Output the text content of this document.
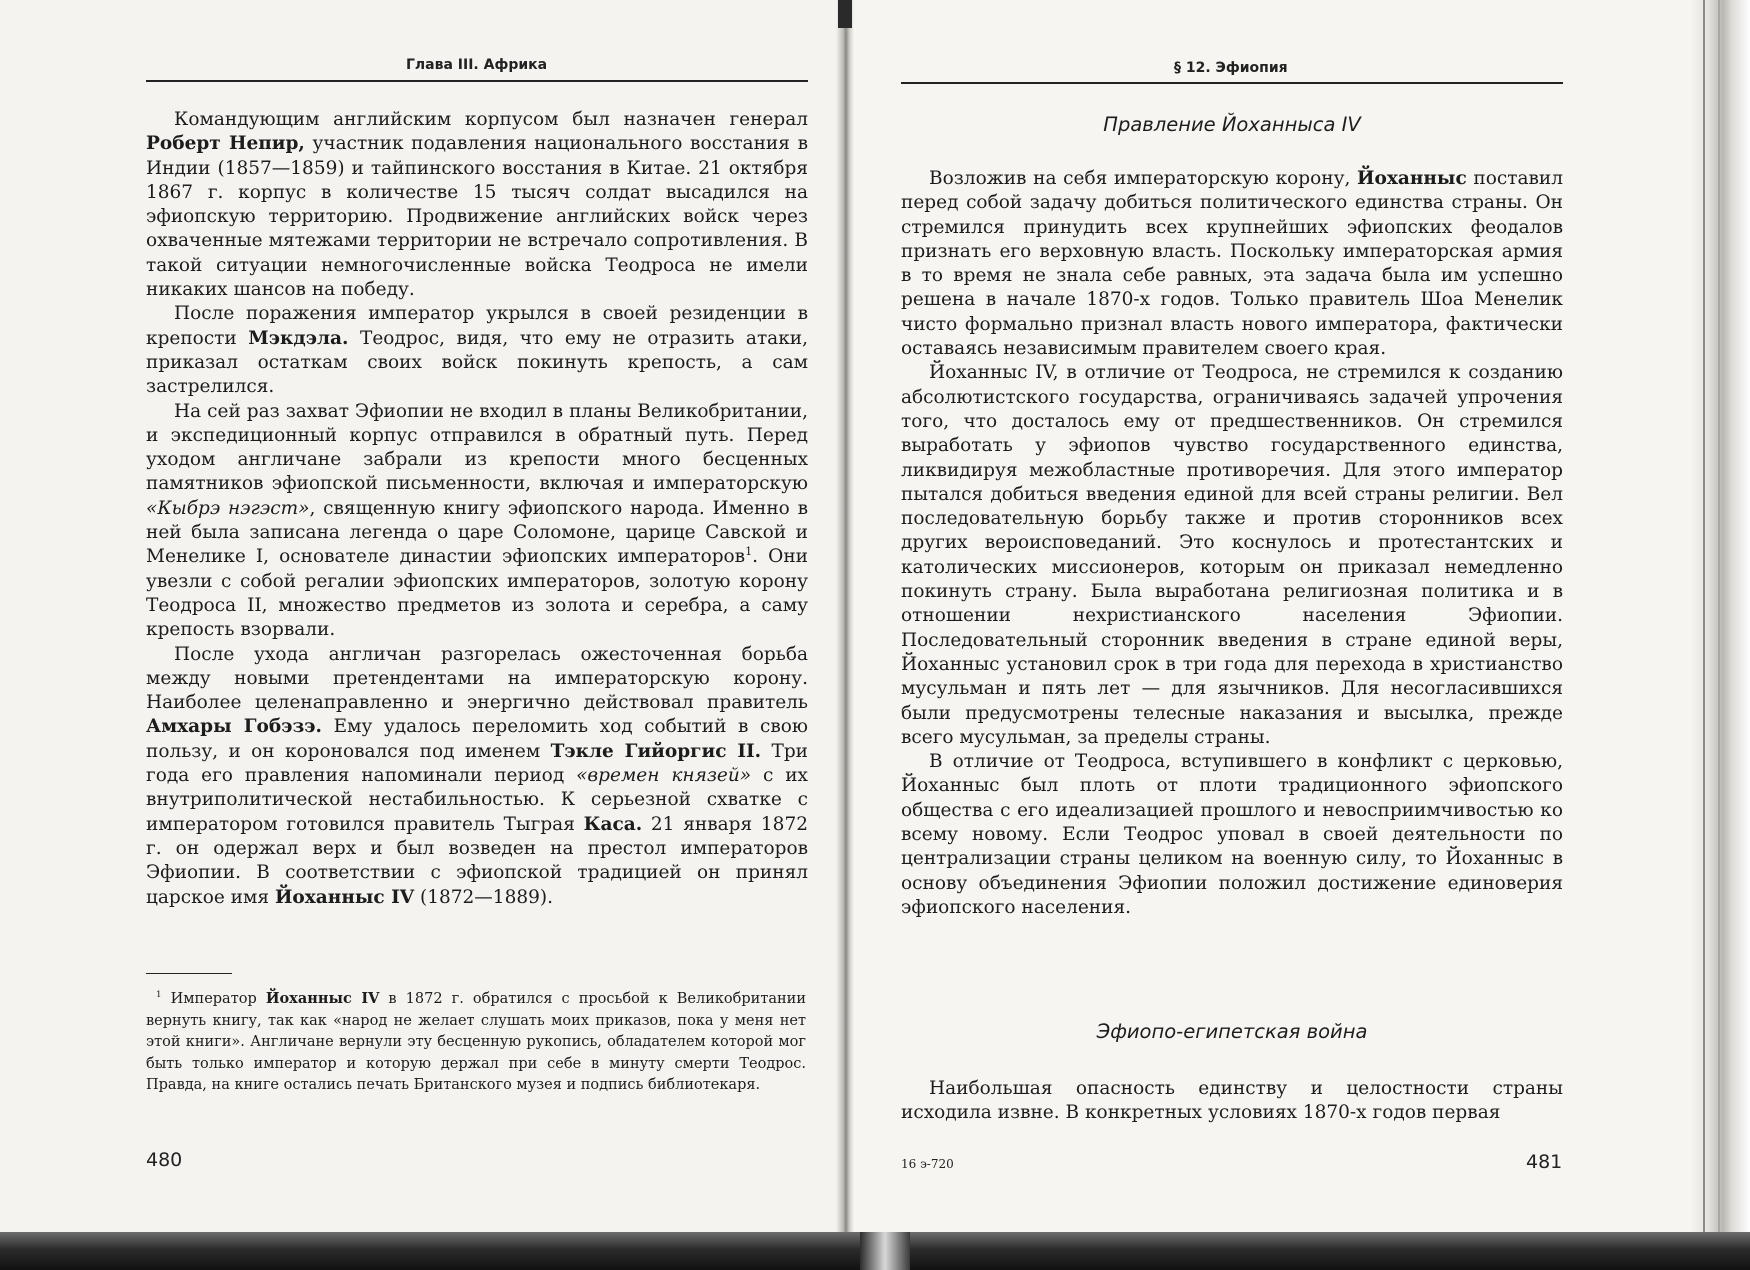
Глава III. Африка

Командующим английским корпусом был назначен генерал Роберт Непир, участник подавления национального восстания в Индии (1857—1859) и тайпинского восстания в Китае. 21 октября 1867 г. корпус в количестве 15 тысяч солдат высадился на эфиопскую территорию. Продвижение английских войск через охваченные мятежами территории не встречало сопротивления. В такой ситуации немногочисленные войска Теодроса не имели никаких шансов на победу.

После поражения император укрылся в своей резиденции в крепости Мэкдэла. Теодрос, видя, что ему не отразить атаки, приказал остаткам своих войск покинуть крепость, а сам застрелился.

На сей раз захват Эфиопии не входил в планы Великобритании, и экспедиционный корпус отправился в обратный путь. Перед уходом англичане забрали из крепости много бесценных памятников эфиопской письменности, включая и императорскую «Кыбрэ нэгэст», священную книгу эфиопского народа. Именно в ней была записана легенда о царе Соломоне, царице Савской и Менелике I, основателе династии эфиопских императоров$^1$. Они увезли с собой регалии эфиопских императоров, золотую корону Теодроса II, множество предметов из золота и серебра, а саму крепость взорвали.

После ухода англичан разгорелась ожесточенная борьба между новыми претендентами на императорскую корону. Наиболее целенаправленно и энергично действовал правитель Амхары Гобэзэ. Ему удалось переломить ход событий в свою пользу, и он короновался под именем Тэкле Гийоргис II. Три года его правления напоминали период «времен князей» с их внутриполитической нестабильностью. К серьезной схватке с императором готовился правитель Тыграя Каса. 21 января 1872 г. он одержал верх и был возведен на престол императоров Эфиопии. В соответствии с эфиопской традицией он принял царское имя Йоханныс IV (1872—1889).

$^1$ Император Йоханныс IV в 1872 г. обратился с просьбой к Великобритании вернуть книгу, так как «народ не желает слушать моих приказов, пока у меня нет этой книги». Англичане вернули эту бесценную рукопись, обладателем которой мог быть только император и которую держал при себе в минуту смерти Теодрос. Правда, на книге остались печать Британского музея и подпись библиотекаря.

480
§ 12. Эфиопия
Правление Йоханныса IV

Возложив на себя императорскую корону, Йоханныс поставил перед собой задачу добиться политического единства страны. Он стремился принудить всех крупнейших эфиопских феодалов признать его верховную власть. Поскольку императорская армия в то время не знала себе равных, эта задача была им успешно решена в начале 1870-х годов. Только правитель Шоа Менелик чисто формально признал власть нового императора, фактически оставаясь независимым правителем своего края.

Йоханныс IV, в отличие от Теодроса, не стремился к созданию абсолютистского государства, ограничиваясь задачей упрочения того, что досталось ему от предшественников. Он стремился выработать у эфиопов чувство государственного единства, ликвидируя межобластные противоречия. Для этого император пытался добиться введения единой для всей страны религии. Вел последовательную борьбу также и против сторонников всех других вероисповеданий. Это коснулось и протестантских и католических миссионеров, которым он приказал немедленно покинуть страну. Была выработана религиозная политика и в отношении нехристианского населения Эфиопии. Последовательный сторонник введения в стране единой веры, Йоханныс установил срок в три года для перехода в христианство мусульман и пять лет — для язычников. Для несогласившихся были предусмотрены телесные наказания и высылка, прежде всего мусульман, за пределы страны.

В отличие от Теодроса, вступившего в конфликт с церковью, Йоханныс был плоть от плоти традиционного эфиопского общества с его идеализацией прошлого и невосприимчивостью ко всему новому. Если Теодрос уповал в своей деятельности по централизации страны целиком на военную силу, то Йоханныс в основу объединения Эфиопии положил достижение единоверия эфиопского населения.

Эфиопо-египетская война

Наибольшая опасность единству и целостности страны исходила извне. В конкретных условиях 1870-х годов первая

16 э-720	481
